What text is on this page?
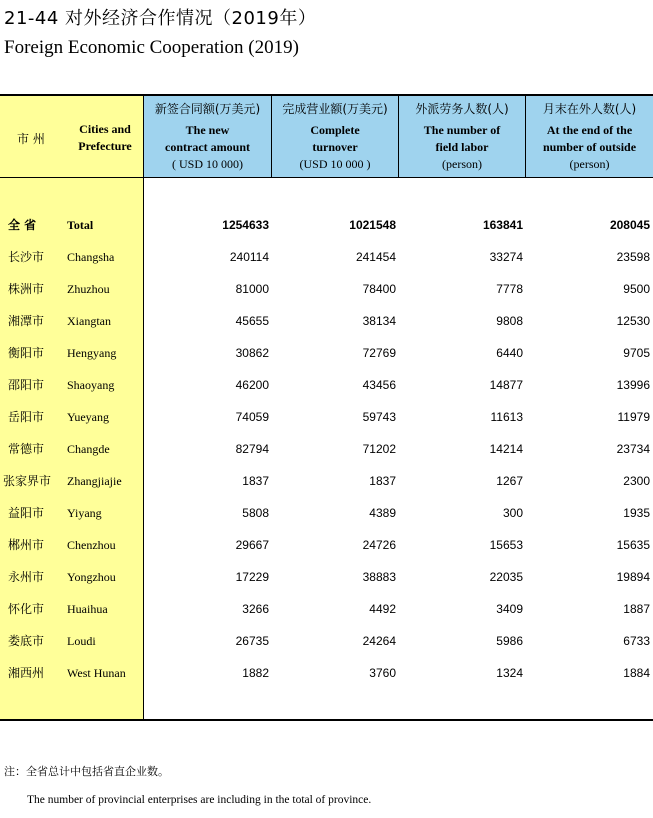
21-44 对外经济合作情况（2019年）
Foreign Economic Cooperation (2019)
市 州
Cities and
Prefecture
新签合同额(万美元)
The new
contract amount
( USD 10 000)
完成营业额(万美元)
Complete
turnover
(USD 10 000 )
外派劳务人数(人)
The number of
field labor
(person)
月末在外人数(人)
At the end of the
number of outside
(person)
全 省	Total	1254633	1021548	163841	208045
长沙市 Changsha	240114	241454	33274	23598
株洲市 Zhuzhou	81000	78400	7778	9500
湘潭市 Xiangtan	45655	38134	9808	12530
衡阳市 Hengyang	30862	72769	6440	9705
邵阳市 Shaoyang	46200	43456	14877	13996
岳阳市 Yueyang	74059	59743	11613	11979
常德市 Changde	82794	71202	14214	23734
张家界市 Zhangjiajie	1837	1837	1267	2300
益阳市 Yiyang	5808	4389	300	1935
郴州市 Chenzhou	29667	24726	15653	15635
永州市 Yongzhou	17229	38883	22035	19894
怀化市 Huaihua	3266	4492	3409	1887
娄底市 Loudi	26735	24264	5986	6733
湘西州 West Hunan	1882	3760	1324	1884
注：全省总计中包括省直企业数。
The number of provincial enterprises are including in the total of province.
